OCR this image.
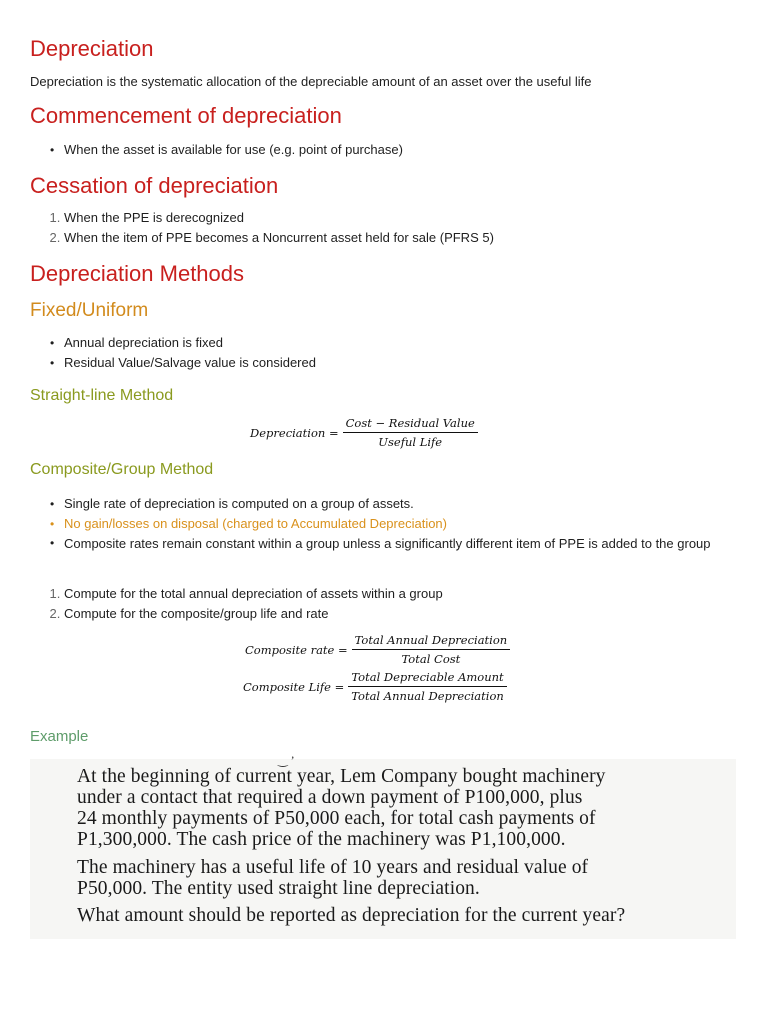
Depreciation

Depreciation is the systematic allocation of the depreciable amount of an asset over the useful life

Commencement of depreciation
• When the asset is available for use (e.g. point of purchase)
Cessation of depreciation
1. When the PPE is derecognized
2. When the item of PPE becomes a Noncurrent asset held for sale (PFRS 5)
Depreciation Methods
Fixed/Uniform
• Annual depreciation is fixed
• Residual Value/Salvage value is considered
Straight-line Method
Depreciation = $\frac{\text{Cost − Residual Value}}{\text{Useful Life}}$
Composite/Group Method
• Single rate of depreciation is computed on a group of assets.
• No gain/losses on disposal (charged to Accumulated Depreciation)
• Composite rates remain constant within a group unless a significantly different item of PPE is added to the group
1. Compute for the total annual depreciation of assets within a group
2. Compute for the composite/group life and rate
Composite rate = $\frac{\text{Total Annual Depreciation}}{\text{Total Cost}}$
Composite Life = $\frac{\text{Total Depreciable Amount}}{\text{Total Annual Depreciation}}$
Example
‿ ’
At the beginning of current year, Lem Company bought machinery
under a contact that required a down payment of P100,000, plus
24 monthly payments of P50,000 each, for total cash payments of
P1,300,000. The cash price of the machinery was P1,100,000.
The machinery has a useful life of 10 years and residual value of
P50,000. The entity used straight line depreciation.
What amount should be reported as depreciation for the current year?
